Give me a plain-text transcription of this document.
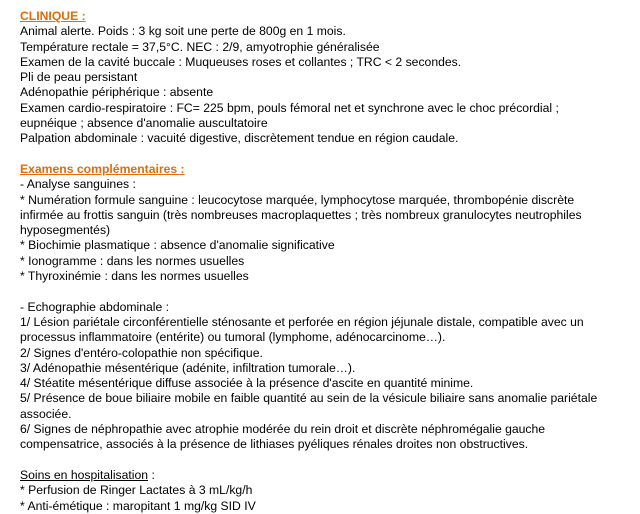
CLINIQUE :
Animal alerte. Poids : 3 kg soit une perte de 800g en 1 mois.
Température rectale = 37,5°C. NEC : 2/9, amyotrophie généralisée
Examen de la cavité buccale : Muqueuses roses et collantes ; TRC < 2 secondes.
Pli de peau persistant
Adénopathie périphérique : absente
Examen cardio-respiratoire : FC= 225 bpm, pouls fémoral net et synchrone avec le choc précordial ;
eupnéique ; absence d'anomalie auscultatoire
Palpation abdominale : vacuité digestive, discrètement tendue en région caudale.
Examens complémentaires :
- Analyse sanguines :
* Numération formule sanguine : leucocytose marquée, lymphocytose marquée, thrombopénie discrète
infirmée au frottis sanguin (très nombreuses macroplaquettes ; très nombreux granulocytes neutrophiles
hyposegmentés)
* Biochimie plasmatique : absence d'anomalie significative
* Ionogramme : dans les normes usuelles
* Thyroxinémie : dans les normes usuelles
- Echographie abdominale :
1/ Lésion pariétale circonférentielle sténosante et perforée en région jéjunale distale, compatible avec un
processus inflammatoire (entérite) ou tumoral (lymphome, adénocarcinome…).
2/ Signes d'entéro-colopathie non spécifique.
3/ Adénopathie mésentérique (adénite, infiltration tumorale…).
4/ Stéatite mésentérique diffuse associée à la présence d'ascite en quantité minime.
5/ Présence de boue biliaire mobile en faible quantité au sein de la vésicule biliaire sans anomalie pariétale
associée.
6/ Signes de néphropathie avec atrophie modérée du rein droit et discrète néphromégalie gauche
compensatrice, associés à la présence de lithiases pyéliques rénales droites non obstructives.
Soins en hospitalisation :
* Perfusion de Ringer Lactates à 3 mL/kg/h
* Anti-émétique : maropitant 1 mg/kg SID IV
